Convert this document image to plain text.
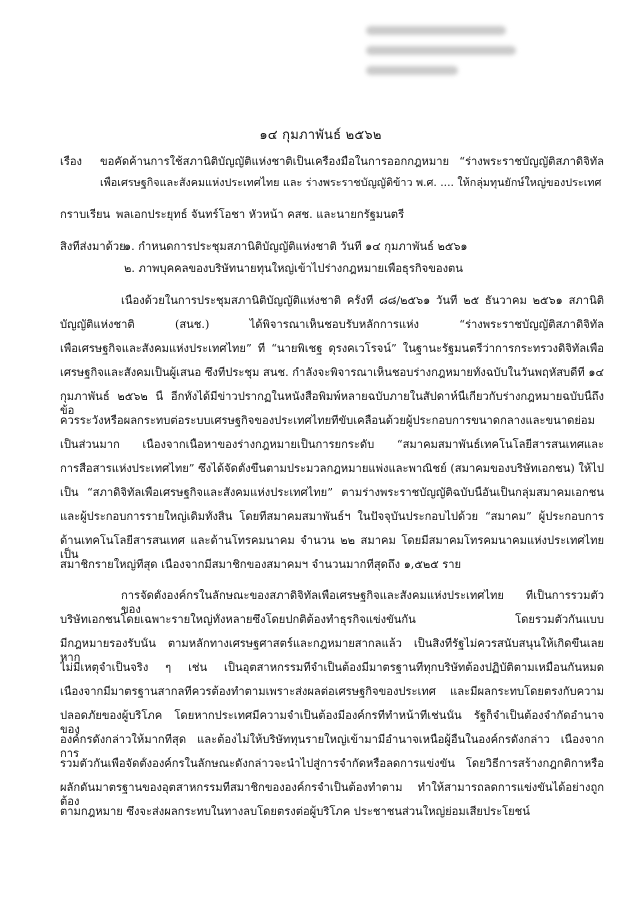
๑๔ กุมภาพันธ์ ๒๕๖๒
เรื่อง ขอคัดค้านการใช้สภานิติบัญญัติแห่งชาติเป็นเครื่องมือในการออกกฎหมาย “ร่างพระราชบัญญัติสภาดิจิทัล
เพื่อเศรษฐกิจและสังคมแห่งประเทศไทย และ ร่างพระราชบัญญัติข้าว พ.ศ. .... ให้กลุ่มทุนยักษ์ใหญ่ของประเทศ
กราบเรียน พลเอกประยุทธ์ จันทร์โอชา หัวหน้า คสช. และนายกรัฐมนตรี
สิ่งที่ส่งมาด้วย
๑. กำหนดการประชุมสภานิติบัญญัติแห่งชาติ วันที่ ๑๔ กุมภาพันธ์ ๒๕๖๑
๒. ภาพบุคคลของบริษัทนายทุนใหญ่เข้าไปร่างกฎหมายเพื่อธุรกิจของตน
เนื่องด้วยในการประชุมสภานิติบัญญัติแห่งชาติ ครั้งที่ ๘๘/๒๕๖๑ วันที่ ๒๕ ธันวาคม ๒๕๖๑ สภานิติ
บัญญัติแห่งชาติ (สนช.) ได้พิจารณาเห็นชอบรับหลักการแห่ง “ร่างพระราชบัญญัติสภาดิจิทัล
เพื่อเศรษฐกิจและสังคมแห่งประเทศไทย” ที่ “นายพิเชฐ ดุรงคเวโรจน์” ในฐานะรัฐมนตรีว่าการกระทรวงดิจิทัลเพื่อ
เศรษฐกิจและสังคมเป็นผู้เสนอ ซึ่งที่ประชุม สนช. กำลังจะพิจารณาเห็นชอบร่างกฎหมายทั้งฉบับในวันพฤหัสบดีที่ ๑๔
กุมภาพันธ์ ๒๕๖๒ นี้ อีกทั้งได้มีข่าวปรากฏในหนังสือพิมพ์หลายฉบับภายในสัปดาห์นี้เกี่ยวกับร่างกฎหมายฉบับนี้ถึงข้อ
ควรระวังหรือผลกระทบต่อระบบเศรษฐกิจของประเทศไทยที่ขับเคลื่อนด้วยผู้ประกอบการขนาดกลางและขนาดย่อม
เป็นส่วนมาก เนื่องจากเนื้อหาของร่างกฎหมายเป็นการยกระดับ “สมาคมสมาพันธ์เทคโนโลยีสารสนเทศและ
การสื่อสารแห่งประเทศไทย” ซึ่งได้จัดตั้งขึ้นตามประมวลกฎหมายแพ่งและพาณิชย์ (สมาคมของบริษัทเอกชน) ให้ไป
เป็น “สภาดิจิทัลเพื่อเศรษฐกิจและสังคมแห่งประเทศไทย” ตามร่างพระราชบัญญัติฉบับนี้อันเป็นกลุ่มสมาคมเอกชน
และผู้ประกอบการรายใหญ่เดิมทั้งสิ้น โดยที่สมาคมสมาพันธ์ฯ ในปัจจุบันประกอบไปด้วย “สมาคม” ผู้ประกอบการ
ด้านเทคโนโลยีสารสนเทศ และด้านโทรคมนาคม จำนวน ๒๒ สมาคม โดยมีสมาคมโทรคมนาคมแห่งประเทศไทย เป็น
สมาชิกรายใหญ่ที่สุด เนื่องจากมีสมาชิกของสมาคมฯ จำนวนมากที่สุดถึง ๑,๕๒๕ ราย
การจัดตั้งองค์กรในลักษณะของสภาดิจิทัลเพื่อเศรษฐกิจและสังคมแห่งประเทศไทย ที่เป็นการรวมตัวของ
บริษัทเอกชนโดยเฉพาะรายใหญ่ทั้งหลายซึ่งโดยปกติต้องทำธุรกิจแข่งขันกัน โดยรวมตัวกันแบบ
มีกฎหมายรองรับนั้น ตามหลักทางเศรษฐศาสตร์และกฎหมายสากลแล้ว เป็นสิ่งที่รัฐไม่ควรสนับสนุนให้เกิดขึ้นเลยหาก
ไม่มีเหตุจำเป็นจริง ๆ เช่น เป็นอุตสาหกรรมที่จำเป็นต้องมีมาตรฐานที่ทุกบริษัทต้องปฏิบัติตามเหมือนกันหมด
เนื่องจากมีมาตรฐานสากลที่ควรต้องทำตามเพราะส่งผลต่อเศรษฐกิจของประเทศ และมีผลกระทบโดยตรงกับความ
ปลอดภัยของผู้บริโภค โดยหากประเทศมีความจำเป็นต้องมีองค์กรที่ทำหน้าที่เช่นนั้น รัฐก็จำเป็นต้องจำกัดอำนาจของ
องค์กรดังกล่าวให้มากที่สุด และต้องไม่ให้บริษัททุนรายใหญ่เข้ามามีอำนาจเหนือผู้อื่นในองค์กรดังกล่าว เนื่องจากการ
รวมตัวกันเพื่อจัดตั้งองค์กรในลักษณะดังกล่าวจะนำไปสู่การจำกัดหรือลดการแข่งขัน โดยวิธีการสร้างกฎกติกาหรือ
ผลักดันมาตรฐานของอุตสาหกรรมที่สมาชิกขององค์กรจำเป็นต้องทำตาม ทำให้สามารถลดการแข่งขันได้อย่างถูกต้อง
ตามกฎหมาย ซึ่งจะส่งผลกระทบในทางลบโดยตรงต่อผู้บริโภค ประชาชนส่วนใหญ่ย่อมเสียประโยชน์
